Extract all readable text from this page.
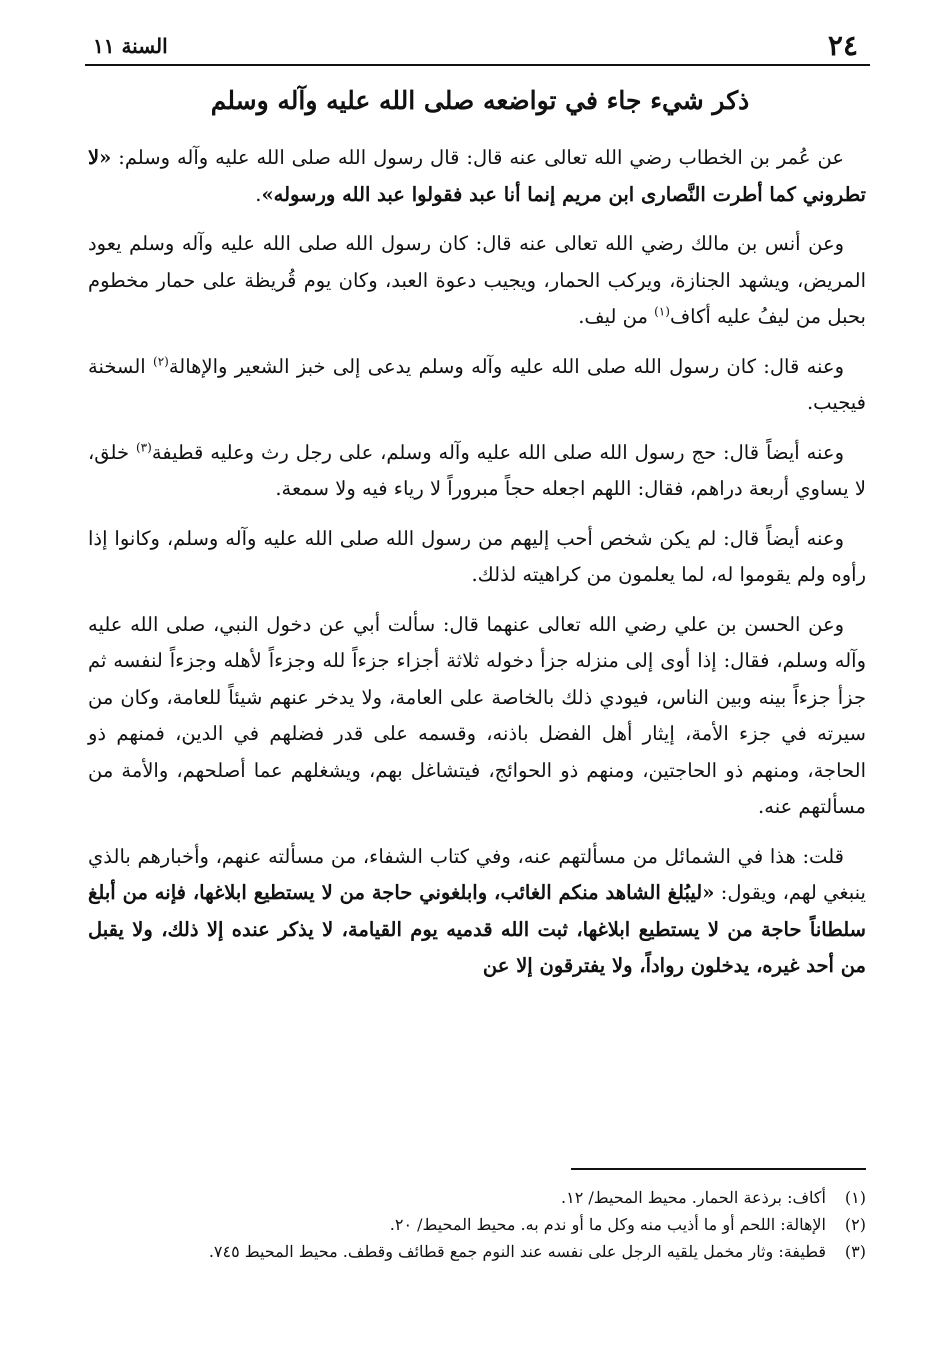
٢٤
السنة ١١
ذكر شيء جاء في تواضعه صلى الله عليه وآله وسلم

عن عُمر بن الخطاب رضي الله تعالى عنه قال: قال رسول الله صلى الله عليه وآله وسلم: «لا تطروني كما أطرت النَّصارى ابن مريم إنما أنا عبد فقولوا عبد الله ورسوله».

وعن أنس بن مالك رضي الله تعالى عنه قال: كان رسول الله صلى الله عليه وآله وسلم يعود المريض، ويشهد الجنازة، ويركب الحمار، ويجيب دعوة العبد، وكان يوم قُريظة على حمار مخطوم بحبل من ليفُ عليه أكاف$^{(١)}$ من ليف.

وعنه قال: كان رسول الله صلى الله عليه وآله وسلم يدعى إلى خبز الشعير والإهالة$^{(٢)}$ السخنة فيجيب.

وعنه أيضاً قال: حج رسول الله صلى الله عليه وآله وسلم، على رجل رث وعليه قطيفة$^{(٣)}$ خلق، لا يساوي أربعة دراهم، فقال: اللهم اجعله حجاً مبروراً لا رياء فيه ولا سمعة.

وعنه أيضاً قال: لم يكن شخص أحب إليهم من رسول الله صلى الله عليه وآله وسلم، وكانوا إذا رأوه ولم يقوموا له، لما يعلمون من كراهيته لذلك.

وعن الحسن بن علي رضي الله تعالى عنهما قال: سألت أبي عن دخول النبي، صلى الله عليه وآله وسلم، فقال: إذا أوى إلى منزله جزأ دخوله ثلاثة أجزاء جزءاً لله وجزءاً لأهله وجزءاً لنفسه ثم جزأ جزءاً بينه وبين الناس، فيودي ذلك بالخاصة على العامة، ولا يدخر عنهم شيئاً للعامة، وكان من سيرته في جزء الأمة، إيثار أهل الفضل باذنه، وقسمه على قدر فضلهم في الدين، فمنهم ذو الحاجة، ومنهم ذو الحاجتين، ومنهم ذو الحوائج، فيتشاغل بهم، ويشغلهم عما أصلحهم، والأمة من مسألتهم عنه.

قلت: هذا في الشمائل من مسألتهم عنه، وفي كتاب الشفاء، من مسألته عنهم، وأخبارهم بالذي ينبغي لهم، ويقول: «ليبُلغ الشاهد منكم الغائب، وابلغوني حاجة من لا يستطيع ابلاغها، فإنه من أبلغ سلطاناً حاجة من لا يستطيع ابلاغها، ثبت الله قدميه يوم القيامة، لا يذكر عنده إلا ذلك، ولا يقبل من أحد غيره، يدخلون رواداً، ولا يفترقون إلا عن

(١)
أكاف: برذعة الحمار. محيط المحيط/ ١٢.
(٢)
الإهالة: اللحم أو ما أذيب منه وكل ما أو ندم به. محيط المحيط/ ٢٠.
(٣)
قطيفة: وثار مخمل يلقيه الرجل على نفسه عند النوم جمع قطائف وقطف. محيط المحيط ٧٤٥.
